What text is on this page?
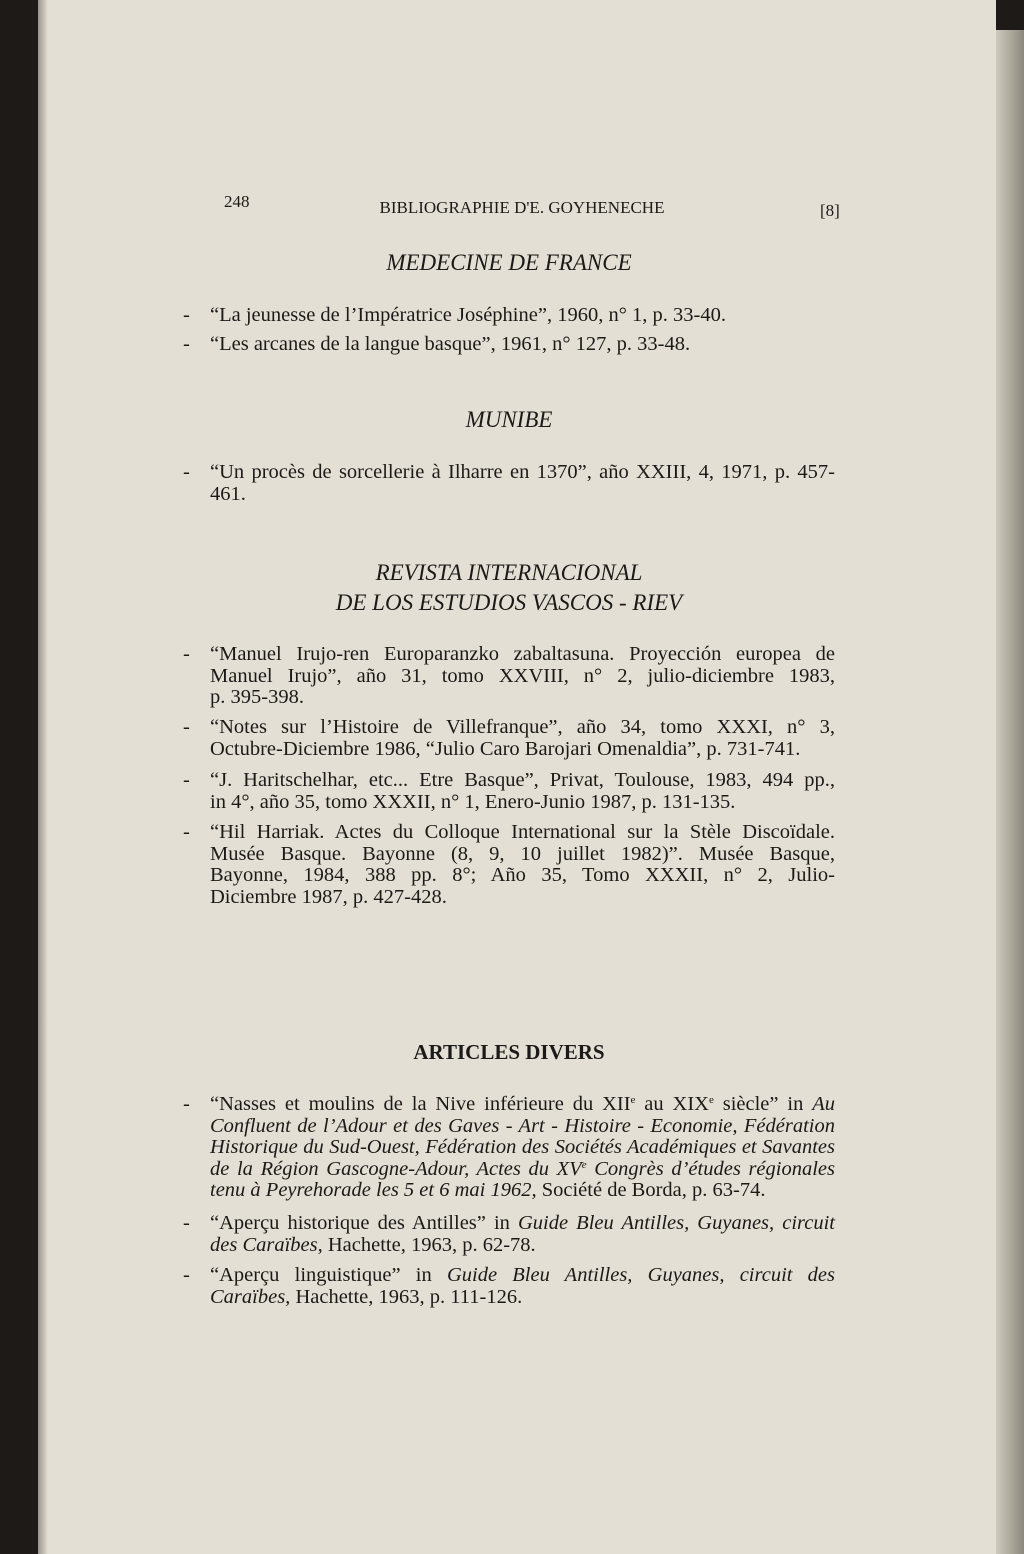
248	BIBLIOGRAPHIE D'E. GOYHENECHE	[8]
MEDECINE DE FRANCE
- “La jeunesse de l’Impératrice Joséphine”, 1960, n° 1, p. 33-40.
- “Les arcanes de la langue basque”, 1961, n° 127, p. 33-48.
MUNIBE
- “Un procès de sorcellerie à Ilharre en 1370”, año XXIII, 4, 1971, p. 457-
461.
REVISTA INTERNACIONAL
DE LOS ESTUDIOS VASCOS - RIEV
- “Manuel Irujo-ren Europaranzko zabaltasuna. Proyección europea de
Manuel Irujo”, año 31, tomo XXVIII, n° 2, julio-diciembre 1983,
p. 395-398.
- “Notes sur l’Histoire de Villefranque”, año 34, tomo XXXI, n° 3,
Octubre-Diciembre 1986, “Julio Caro Barojari Omenaldia”, p. 731-741.
- “J. Haritschelhar, etc... Etre Basque”, Privat, Toulouse, 1983, 494 pp.,
in 4°, año 35, tomo XXXII, n° 1, Enero-Junio 1987, p. 131-135.
- “Hil Harriak. Actes du Colloque International sur la Stèle Discoïdale.
Musée Basque. Bayonne (8, 9, 10 juillet 1982)”. Musée Basque,
Bayonne, 1984, 388 pp. 8°; Año 35, Tomo XXXII, n° 2, Julio-
Diciembre 1987, p. 427-428.
ARTICLES DIVERS
- “Nasses et moulins de la Nive inférieure du XIIe au XIXe siècle” in Au
Confluent de l’Adour et des Gaves - Art - Histoire - Economie, Fédération
Historique du Sud-Ouest, Fédération des Sociétés Académiques et Savantes
de la Région Gascogne-Adour, Actes du XVe Congrès d’études régionales
tenu à Peyrehorade les 5 et 6 mai 1962, Société de Borda, p. 63-74.
- “Aperçu historique des Antilles” in Guide Bleu Antilles, Guyanes, circuit
des Caraïbes, Hachette, 1963, p. 62-78.
- “Aperçu linguistique” in Guide Bleu Antilles, Guyanes, circuit des
Caraïbes, Hachette, 1963, p. 111-126.
